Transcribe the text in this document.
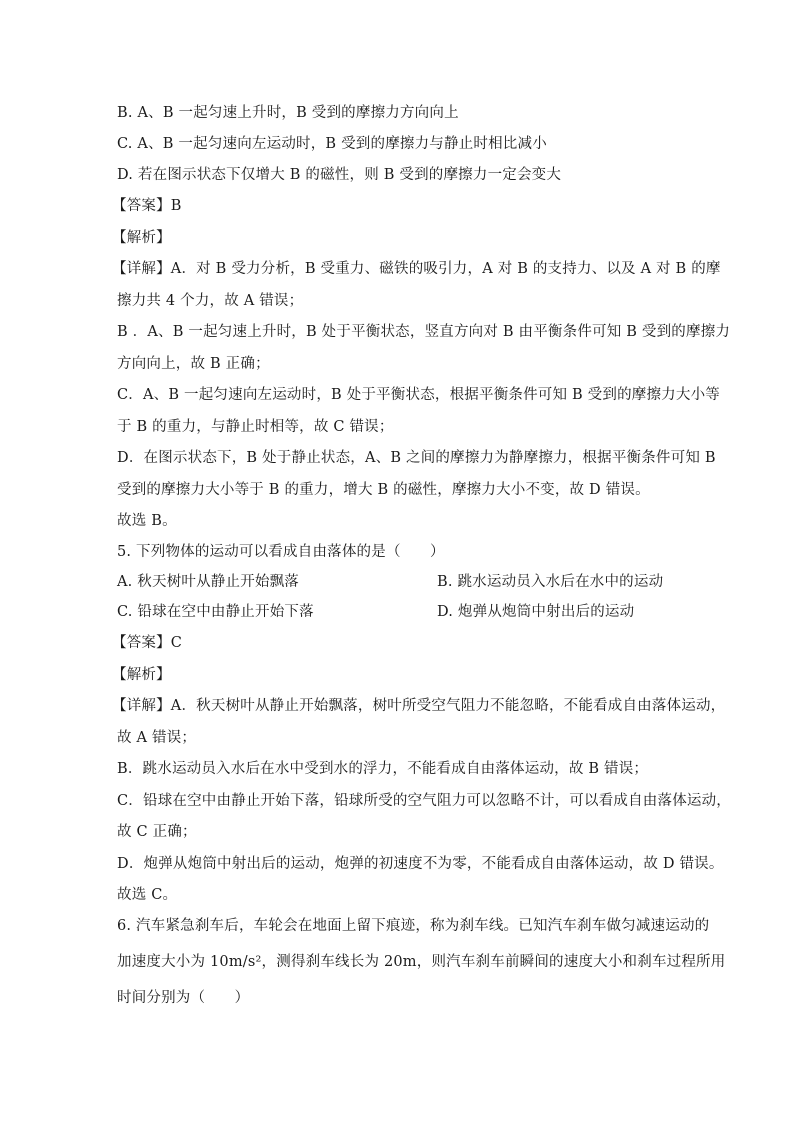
B. A、B 一起匀速上升时，B 受到的摩擦力方向向上
C. A、B 一起匀速向左运动时，B 受到的摩擦力与静止时相比减小
D. 若在图示状态下仅增大 B 的磁性，则 B 受到的摩擦力一定会变大
【答案】B
【解析】
【详解】A．对 B 受力分析，B 受重力、磁铁的吸引力，A 对 B 的支持力、以及 A 对 B 的摩
擦力共 4 个力，故 A 错误；
B ．A、B 一起匀速上升时，B 处于平衡状态，竖直方向对 B 由平衡条件可知 B 受到的摩擦力
方向向上，故 B 正确；
C．A、B 一起匀速向左运动时，B 处于平衡状态，根据平衡条件可知 B 受到的摩擦力大小等
于 B 的重力，与静止时相等，故 C 错误；
D．在图示状态下，B 处于静止状态，A、B 之间的摩擦力为静摩擦力，根据平衡条件可知 B
受到的摩擦力大小等于 B 的重力，增大 B 的磁性，摩擦力大小不变，故 D 错误。
故选 B。
5. 下列物体的运动可以看成自由落体的是（　　）
A. 秋天树叶从静止开始飘落	B. 跳水运动员入水后在水中的运动
C. 铅球在空中由静止开始下落	D. 炮弹从炮筒中射出后的运动
【答案】C
【解析】
【详解】A．秋天树叶从静止开始飘落，树叶所受空气阻力不能忽略，不能看成自由落体运动，
故 A 错误；
B．跳水运动员入水后在水中受到水的浮力，不能看成自由落体运动，故 B 错误；
C．铅球在空中由静止开始下落，铅球所受的空气阻力可以忽略不计，可以看成自由落体运动，
故 C 正确；
D．炮弹从炮筒中射出后的运动，炮弹的初速度不为零，不能看成自由落体运动，故 D 错误。
故选 C。
6. 汽车紧急刹车后，车轮会在地面上留下痕迹，称为刹车线。已知汽车刹车做匀减速运动的
加速度大小为 10m/s²，测得刹车线长为 20m，则汽车刹车前瞬间的速度大小和刹车过程所用
时间分别为（　　）
